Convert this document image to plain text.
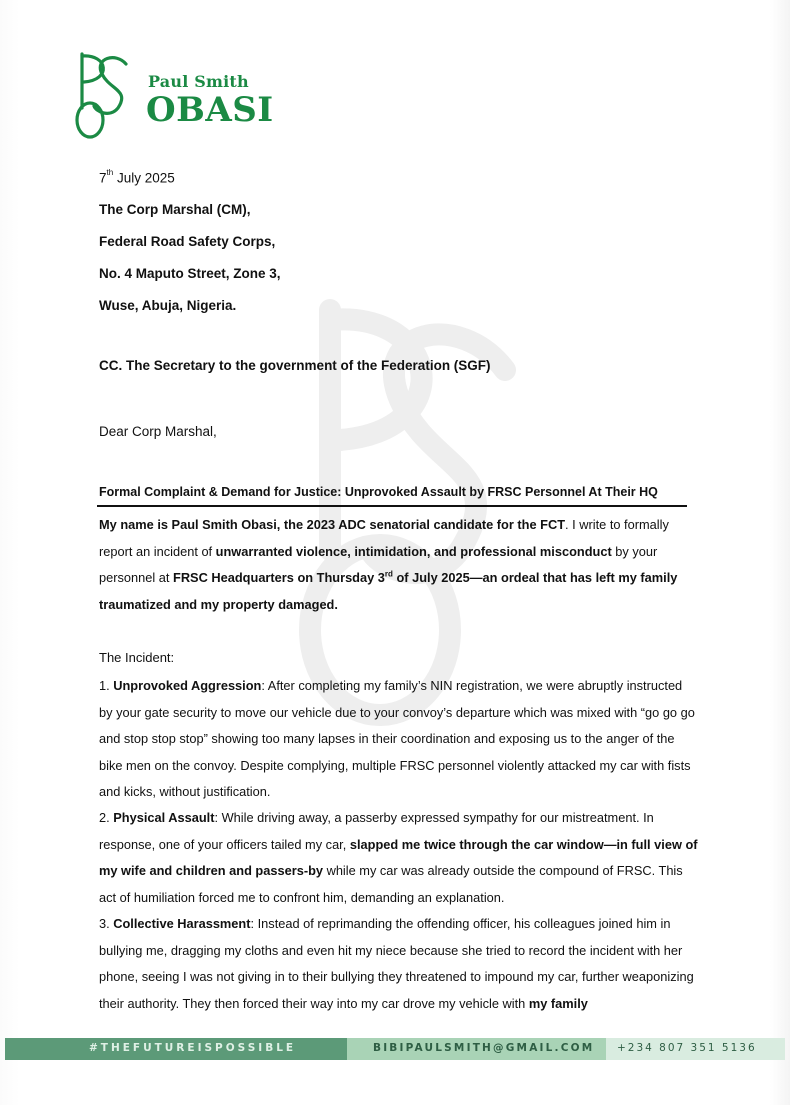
Paul Smith
OBASI
7th July 2025
The Corp Marshal (CM),
Federal Road Safety Corps,
No. 4 Maputo Street, Zone 3,
Wuse, Abuja, Nigeria.
CC. The Secretary to the government of the Federation (SGF)
Dear Corp Marshal,
Formal Complaint & Demand for Justice: Unprovoked Assault by FRSC Personnel At Their HQ
My name is Paul Smith Obasi, the 2023 ADC senatorial candidate for the FCT. I write to formally report an incident of unwarranted violence, intimidation, and professional misconduct by your personnel at FRSC Headquarters on Thursday 3rd of July 2025—an ordeal that has left my family traumatized and my property damaged.
The Incident:
1. Unprovoked Aggression: After completing my family’s NIN registration, we were abruptly instructed by your gate security to move our vehicle due to your convoy’s departure which was mixed with “go go go and stop stop stop” showing too many lapses in their coordination and exposing us to the anger of the bike men on the convoy. Despite complying, multiple FRSC personnel violently attacked my car with fists and kicks, without justification.
2. Physical Assault: While driving away, a passerby expressed sympathy for our mistreatment. In response, one of your officers tailed my car, slapped me twice through the car window—in full view of my wife and children and passers-by while my car was already outside the compound of FRSC. This act of humiliation forced me to confront him, demanding an explanation.
3. Collective Harassment: Instead of reprimanding the offending officer, his colleagues joined him in bullying me, dragging my cloths and even hit my niece because she tried to record the incident with her phone, seeing I was not giving in to their bullying they threatened to impound my car, further weaponizing their authority. They then forced their way into my car drove my vehicle with my family
#THEFUTUREISPOSSIBLE	BIBIPAULSMITH@GMAIL.COM +234 807 351 5136
